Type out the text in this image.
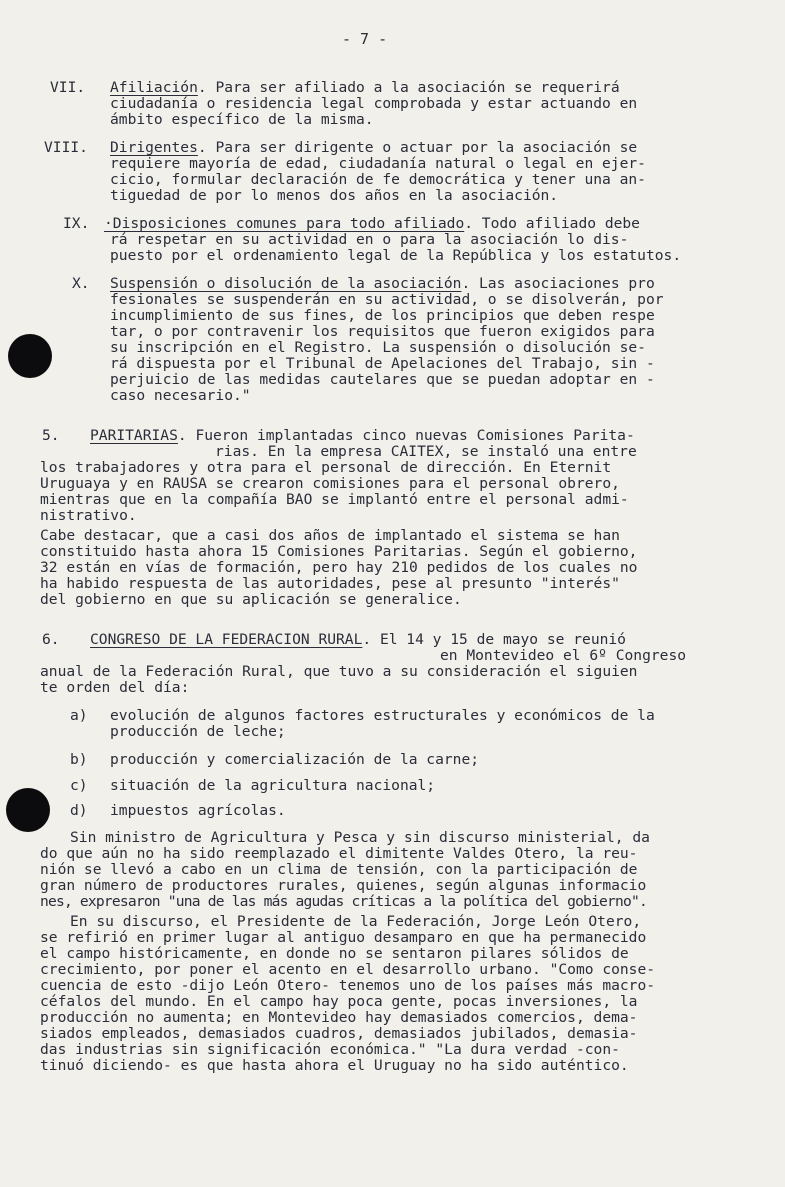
- 7 -
VII. Afiliación. Para ser afiliado a la asociación se requerirá
ciudadanía o residencia legal comprobada y estar actuando en
ámbito específico de la misma.
VIII. Dirigentes. Para ser dirigente o actuar por la asociación se
requiere mayoría de edad, ciudadanía natural o legal en ejer-
cicio, formular declaración de fe democrática y tener una an-
tiguedad de por lo menos dos años en la asociación.
IX. ·Disposiciones comunes para todo afiliado. Todo afiliado debe
rá respetar en su actividad en o para la asociación lo dis-
puesto por el ordenamiento legal de la República y los estatutos.
X. Suspensión o disolución de la asociación. Las asociaciones pro
fesionales se suspenderán en su actividad, o se disolverán, por
incumplimiento de sus fines, de los principios que deben respe
tar, o por contravenir los requisitos que fueron exigidos para
su inscripción en el Registro. La suspensión o disolución se-
rá dispuesta por el Tribunal de Apelaciones del Trabajo, sin -
perjuicio de las medidas cautelares que se puedan adoptar en -
caso necesario."
5. PARITARIAS. Fueron implantadas cinco nuevas Comisiones Parita-
rias. En la empresa CAITEX, se instaló una entre
los trabajadores y otra para el personal de dirección. En Eternit
Uruguaya y en RAUSA se crearon comisiones para el personal obrero,
mientras que en la compañía BAO se implantó entre el personal admi-
nistrativo.
Cabe destacar, que a casi dos años de implantado el sistema se han
constituido hasta ahora 15 Comisiones Paritarias. Según el gobierno,
32 están en vías de formación, pero hay 210 pedidos de los cuales no
ha habido respuesta de las autoridades, pese al presunto "interés"
del gobierno en que su aplicación se generalice.
6. CONGRESO DE LA FEDERACION RURAL. El 14 y 15 de mayo se reunió
en Montevideo el 6º Congreso
anual de la Federación Rural, que tuvo a su consideración el siguien
te orden del día:
a) evolución de algunos factores estructurales y económicos de la
producción de leche;
b) producción y comercialización de la carne;
c) situación de la agricultura nacional;
d) impuestos agrícolas.
Sin ministro de Agricultura y Pesca y sin discurso ministerial, da
do que aún no ha sido reemplazado el dimitente Valdes Otero, la reu-
nión se llevó a cabo en un clima de tensión, con la participación de
gran número de productores rurales, quienes, según algunas informacio
nes, expresaron "una de las más agudas críticas a la política del gobierno".
En su discurso, el Presidente de la Federación, Jorge León Otero,
se refirió en primer lugar al antiguo desamparo en que ha permanecido
el campo históricamente, en donde no se sentaron pilares sólidos de
crecimiento, por poner el acento en el desarrollo urbano. "Como conse-
cuencia de esto -dijo León Otero- tenemos uno de los países más macro-
céfalos del mundo. En el campo hay poca gente, pocas inversiones, la
producción no aumenta; en Montevideo hay demasiados comercios, dema-
siados empleados, demasiados cuadros, demasiados jubilados, demasia-
das industrias sin significación económica." "La dura verdad -con-
tinuó diciendo- es que hasta ahora el Uruguay no ha sido auténtico.
